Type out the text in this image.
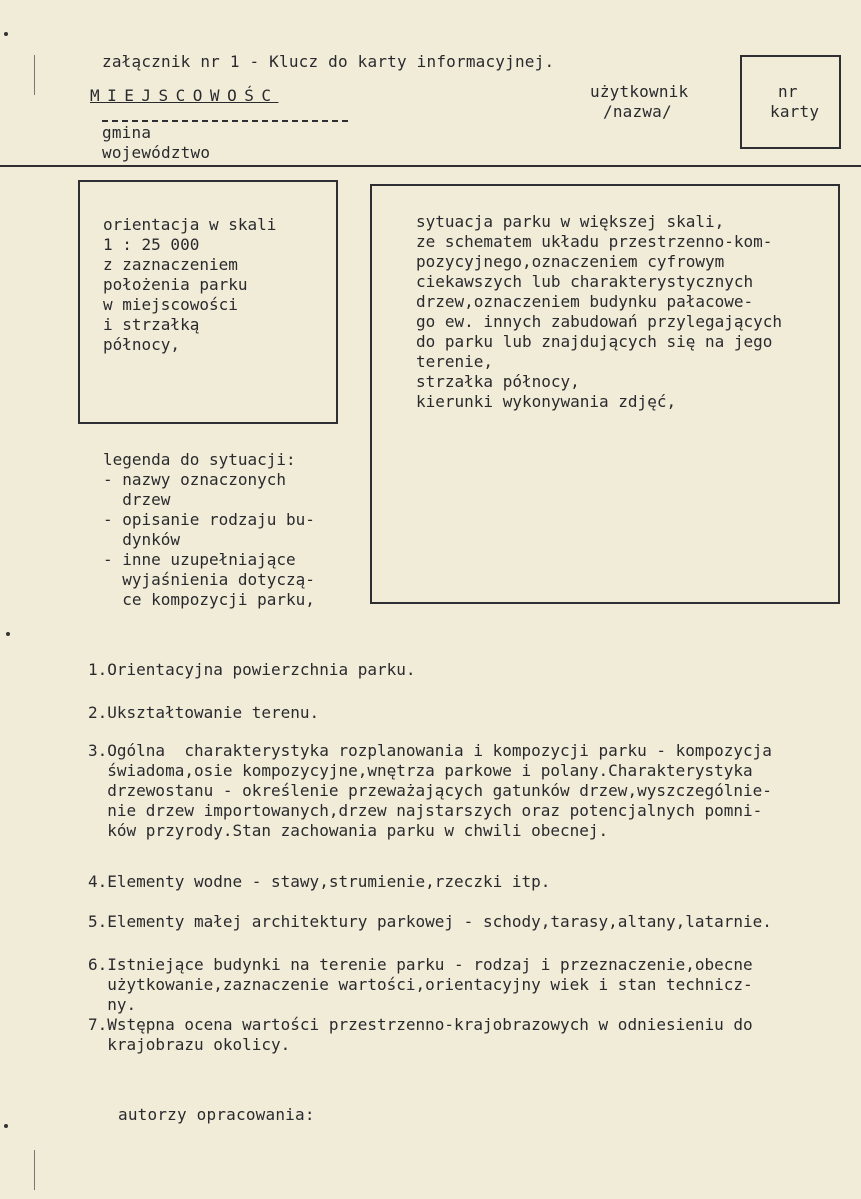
załącznik nr 1 - Klucz do karty informacyjnej.
MIEJSCOWOŚC
gmina
województwo
użytkownik
/nazwa/
nr
karty
orientacja w skali
1 : 25 000
z zaznaczeniem
położenia parku
w miejscowości
i strzałką
północy,
legenda do sytuacji:
- nazwy oznaczonych
drzew
- opisanie rodzaju bu-
dynków
- inne uzupełniające
wyjaśnienia dotyczą-
ce kompozycji parku,
sytuacja parku w większej skali,
ze schematem układu przestrzenno-kom-
pozycyjnego,oznaczeniem cyfrowym
ciekawszych lub charakterystycznych
drzew,oznaczeniem budynku pałacowe-
go ew. innych zabudowań przylegających
do parku lub znajdujących się na jego
terenie,
strzałka północy,
kierunki wykonywania zdjęć,
1.Orientacyjna powierzchnia parku.
2.Ukształtowanie terenu.
3.Ogólna  charakterystyka rozplanowania i kompozycji parku - kompozycja
świadoma,osie kompozycyjne,wnętrza parkowe i polany.Charakterystyka
drzewostanu - określenie przeważających gatunków drzew,wyszczególnie-
nie drzew importowanych,drzew najstarszych oraz potencjalnych pomni-
ków przyrody.Stan zachowania parku w chwili obecnej.
4.Elementy wodne - stawy,strumienie,rzeczki itp.
5.Elementy małej architektury parkowej - schody,tarasy,altany,latarnie.
6.Istniejące budynki na terenie parku - rodzaj i przeznaczenie,obecne
użytkowanie,zaznaczenie wartości,orientacyjny wiek i stan technicz-
ny.
7.Wstępna ocena wartości przestrzenno-krajobrazowych w odniesieniu do
krajobrazu okolicy.
autorzy opracowania:
